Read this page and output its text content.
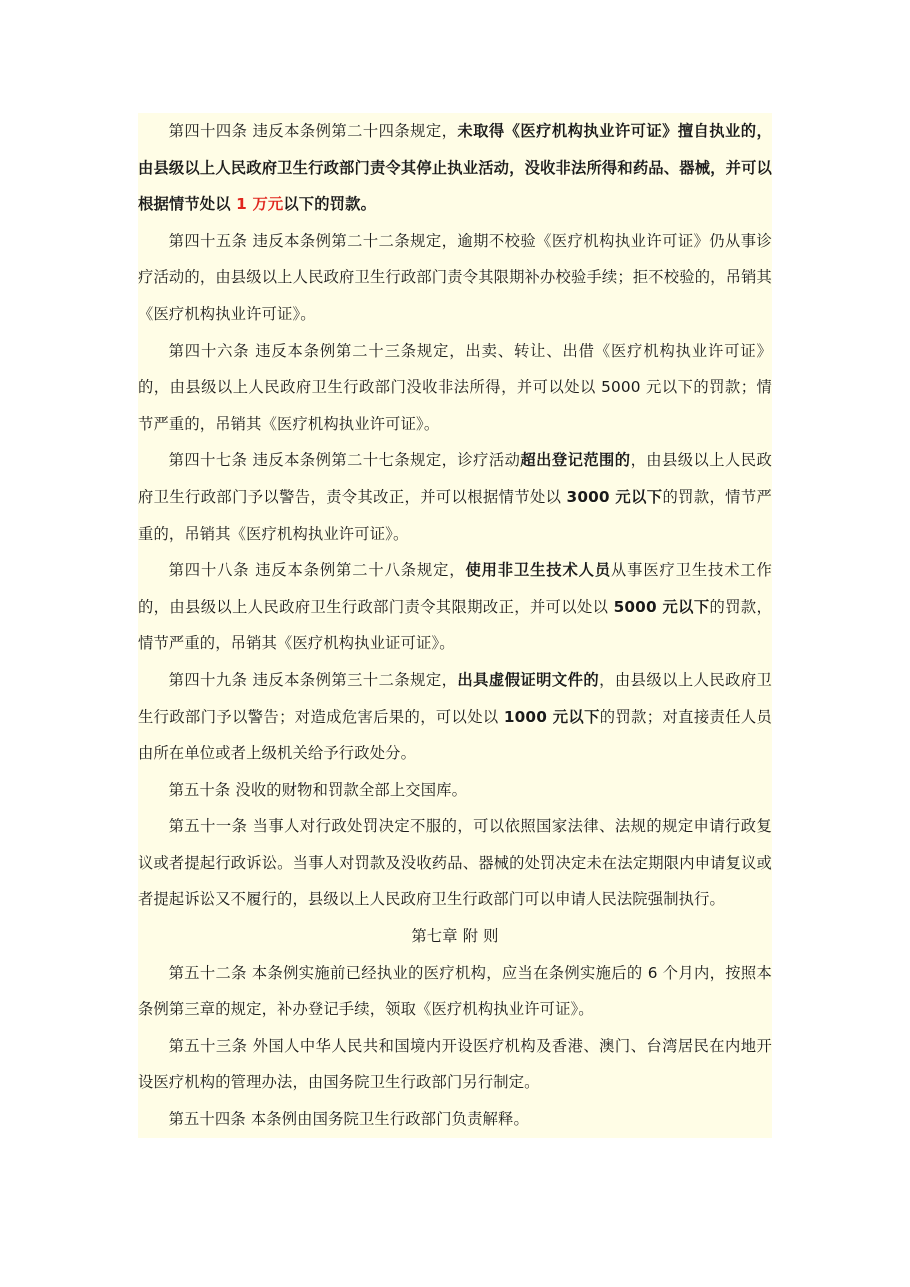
第四十四条 违反本条例第二十四条规定，未取得《医疗机构执业许可证》擅自执业的，由县级以上人民政府卫生行政部门责令其停止执业活动，没收非法所得和药品、器械，并可以根据情节处以 1 万元以下的罚款。

第四十五条 违反本条例第二十二条规定，逾期不校验《医疗机构执业许可证》仍从事诊疗活动的，由县级以上人民政府卫生行政部门责令其限期补办校验手续；拒不校验的，吊销其《医疗机构执业许可证》。

第四十六条 违反本条例第二十三条规定，出卖、转让、出借《医疗机构执业许可证》的，由县级以上人民政府卫生行政部门没收非法所得，并可以处以 5000 元以下的罚款；情节严重的，吊销其《医疗机构执业许可证》。

第四十七条 违反本条例第二十七条规定，诊疗活动超出登记范围的，由县级以上人民政府卫生行政部门予以警告，责令其改正，并可以根据情节处以 3000 元以下的罚款，情节严重的，吊销其《医疗机构执业许可证》。

第四十八条 违反本条例第二十八条规定，使用非卫生技术人员从事医疗卫生技术工作的，由县级以上人民政府卫生行政部门责令其限期改正，并可以处以 5000 元以下的罚款，情节严重的，吊销其《医疗机构执业证可证》。

第四十九条 违反本条例第三十二条规定，出具虚假证明文件的，由县级以上人民政府卫生行政部门予以警告；对造成危害后果的，可以处以 1000 元以下的罚款；对直接责任人员由所在单位或者上级机关给予行政处分。

第五十条 没收的财物和罚款全部上交国库。

第五十一条 当事人对行政处罚决定不服的，可以依照国家法律、法规的规定申请行政复议或者提起行政诉讼。当事人对罚款及没收药品、器械的处罚决定未在法定期限内申请复议或者提起诉讼又不履行的，县级以上人民政府卫生行政部门可以申请人民法院强制执行。

第七章 附 则

第五十二条 本条例实施前已经执业的医疗机构，应当在条例实施后的 6 个月内，按照本条例第三章的规定，补办登记手续，领取《医疗机构执业许可证》。

第五十三条 外国人中华人民共和国境内开设医疗机构及香港、澳门、台湾居民在内地开设医疗机构的管理办法，由国务院卫生行政部门另行制定。

第五十四条 本条例由国务院卫生行政部门负责解释。
